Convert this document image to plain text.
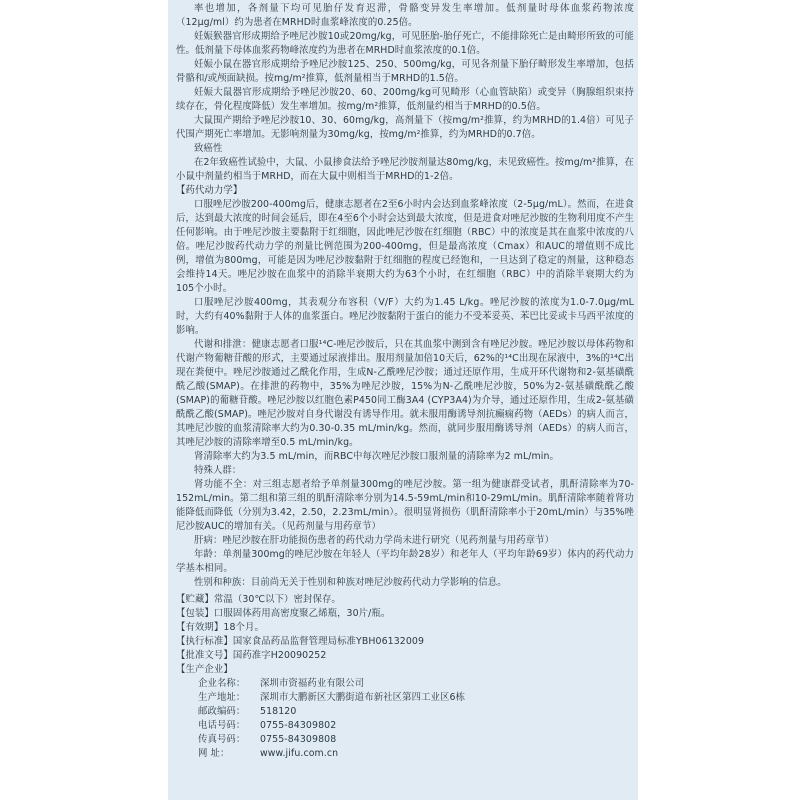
率也增加，各剂量下均可见胎仔发育迟滞，骨骼变异发生率增加。低剂量时母体血浆药物浓度（12μg/ml）约为患者在MRHD时血浆峰浓度的0.25倍。

妊娠猴器官形成期给予唑尼沙胺10或20mg/kg，可见胚胎-胎仔死亡，不能排除死亡是由畸形所致的可能性。低剂量下母体血浆药物峰浓度约为患者在MRHD时血浆浓度的0.1倍。

妊娠小鼠在器官形成期给予唑尼沙胺125、250、500mg/kg，可见各剂量下胎仔畸形发生率增加，包括骨骼和/或颅面缺损。按mg/m²推算，低剂量相当于MRHD的1.5倍。

妊娠大鼠器官形成期给予唑尼沙胺20、60、200mg/kg可见畸形（心血管缺陷）或变异（胸腺组织束持续存在，骨化程度降低）发生率增加。按mg/m²推算，低剂量约相当于MRHD的0.5倍。

大鼠围产期给予唑尼沙胺10、30、60mg/kg，高剂量下（按mg/m²推算，约为MRHD的1.4倍）可见子代围产期死亡率增加。无影响剂量为30mg/kg，按mg/m²推算，约为MRHD的0.7倍。

致癌性

在2年致癌性试验中，大鼠、小鼠掺食法给予唑尼沙胺剂量达80mg/kg，未见致癌性。按mg/m²推算，在小鼠中剂量约相当于MRHD，而在大鼠中则相当于MRHD的1-2倍。

【药代动力学】

口服唑尼沙胺200-400mg后，健康志愿者在2至6小时内会达到血浆峰浓度（2-5μg/mL）。然而，在进食后，达到最大浓度的时间会延后，即在4至6个小时会达到最大浓度，但是进食对唑尼沙胺的生物利用度不产生任何影响。由于唑尼沙胺主要黏附于红细胞，因此唑尼沙胺在红细胞（RBC）中的浓度是其在血浆中浓度的八倍。唑尼沙胺药代动力学的剂量比例范围为200-400mg，但是最高浓度（Cmax）和AUC的增值则不成比例，增值为800mg，可能是因为唑尼沙胺黏附于红细胞的程度已经饱和，一旦达到了稳定的剂量，这种稳态会维持14天。唑尼沙胺在血浆中的消除半衰期大约为63个小时，在红细胞（RBC）中的消除半衰期大约为105个小时。

口服唑尼沙胺400mg，其表观分布容积（V/F）大约为1.45 L/kg。唑尼沙胺的浓度为1.0-7.0μg/mL时，大约有40%黏附于人体的血浆蛋白。唑尼沙胺黏附于蛋白的能力不受苯妥英、苯巴比妥或卡马西平浓度的影响。

代谢和排泄：健康志愿者口服¹⁴C-唑尼沙胺后，只在其血浆中测到含有唑尼沙胺。唑尼沙胺以母体药物和代谢产物葡糖苷酸的形式，主要通过尿液排出。服用剂量加倍10天后，62%的¹⁴C出现在尿液中，3%的¹⁴C出现在粪便中。唑尼沙胺通过乙酰化作用，生成N-乙酰唑尼沙胺；通过还原作用，生成开环代谢物和2-氨基磺酰酰乙酸(SMAP)。在排泄的药物中，35%为唑尼沙胺，15%为N-乙酰唑尼沙胺，50%为2-氨基磺酰酰乙酸(SMAP)的葡糖苷酸。唑尼沙胺以红胞色素P450同工酶3A4 (CYP3A4)为介导，通过还原作用，生成2-氨基磺酰酰乙酸(SMAP)。唑尼沙胺对自身代谢没有诱导作用。就未服用酶诱导剂抗癫痫药物（AEDs）的病人而言，其唑尼沙胺的血浆清除率大约为0.30-0.35 mL/min/kg。然而，就同步服用酶诱导剂（AEDs）的病人而言，其唑尼沙胺的清除率增至0.5 mL/min/kg。

肾清除率大约为3.5 mL/min，而RBC中每次唑尼沙胺口服剂量的清除率为2 mL/min。

特殊人群：

肾功能不全：对三组志愿者给予单剂量300mg的唑尼沙胺。第一组为健康群受试者，肌酐清除率为70-152mL/min。第二组和第三组的肌酐清除率分别为14.5-59mL/min和10-29mL/min。肌酐清除率随着肾功能降低而降低（分别为3.42，2.50，2.23mL/min）。很明显肾损伤（肌酐清除率小于20mL/min）与35%唑尼沙胺AUC的增加有关。（见药剂量与用药章节）

肝病：唑尼沙胺在肝功能损伤患者的药代动力学尚未进行研究（见药剂量与用药章节）

年龄：单剂量300mg的唑尼沙胺在年轻人（平均年龄28岁）和老年人（平均年龄69岁）体内的药代动力学基本相同。

性别和种族：目前尚无关于性别和种族对唑尼沙胺药代动力学影响的信息。

【贮藏】常温（30℃以下）密封保存。

【包装】口服固体药用高密度聚乙烯瓶，30片/瓶。

【有效期】18个月。

【执行标准】国家食品药品监督管理局标准YBH06132009

【批准文号】国药准字H20090252

【生产企业】

企业名称：	深圳市资福药业有限公司
生产地址：	深圳市大鹏新区大鹏街道布新社区第四工业区6栋
邮政编码：	518120
电话号码：	0755-84309802
传真号码：	0755-84309808
网 址：	www.jifu.com.cn
